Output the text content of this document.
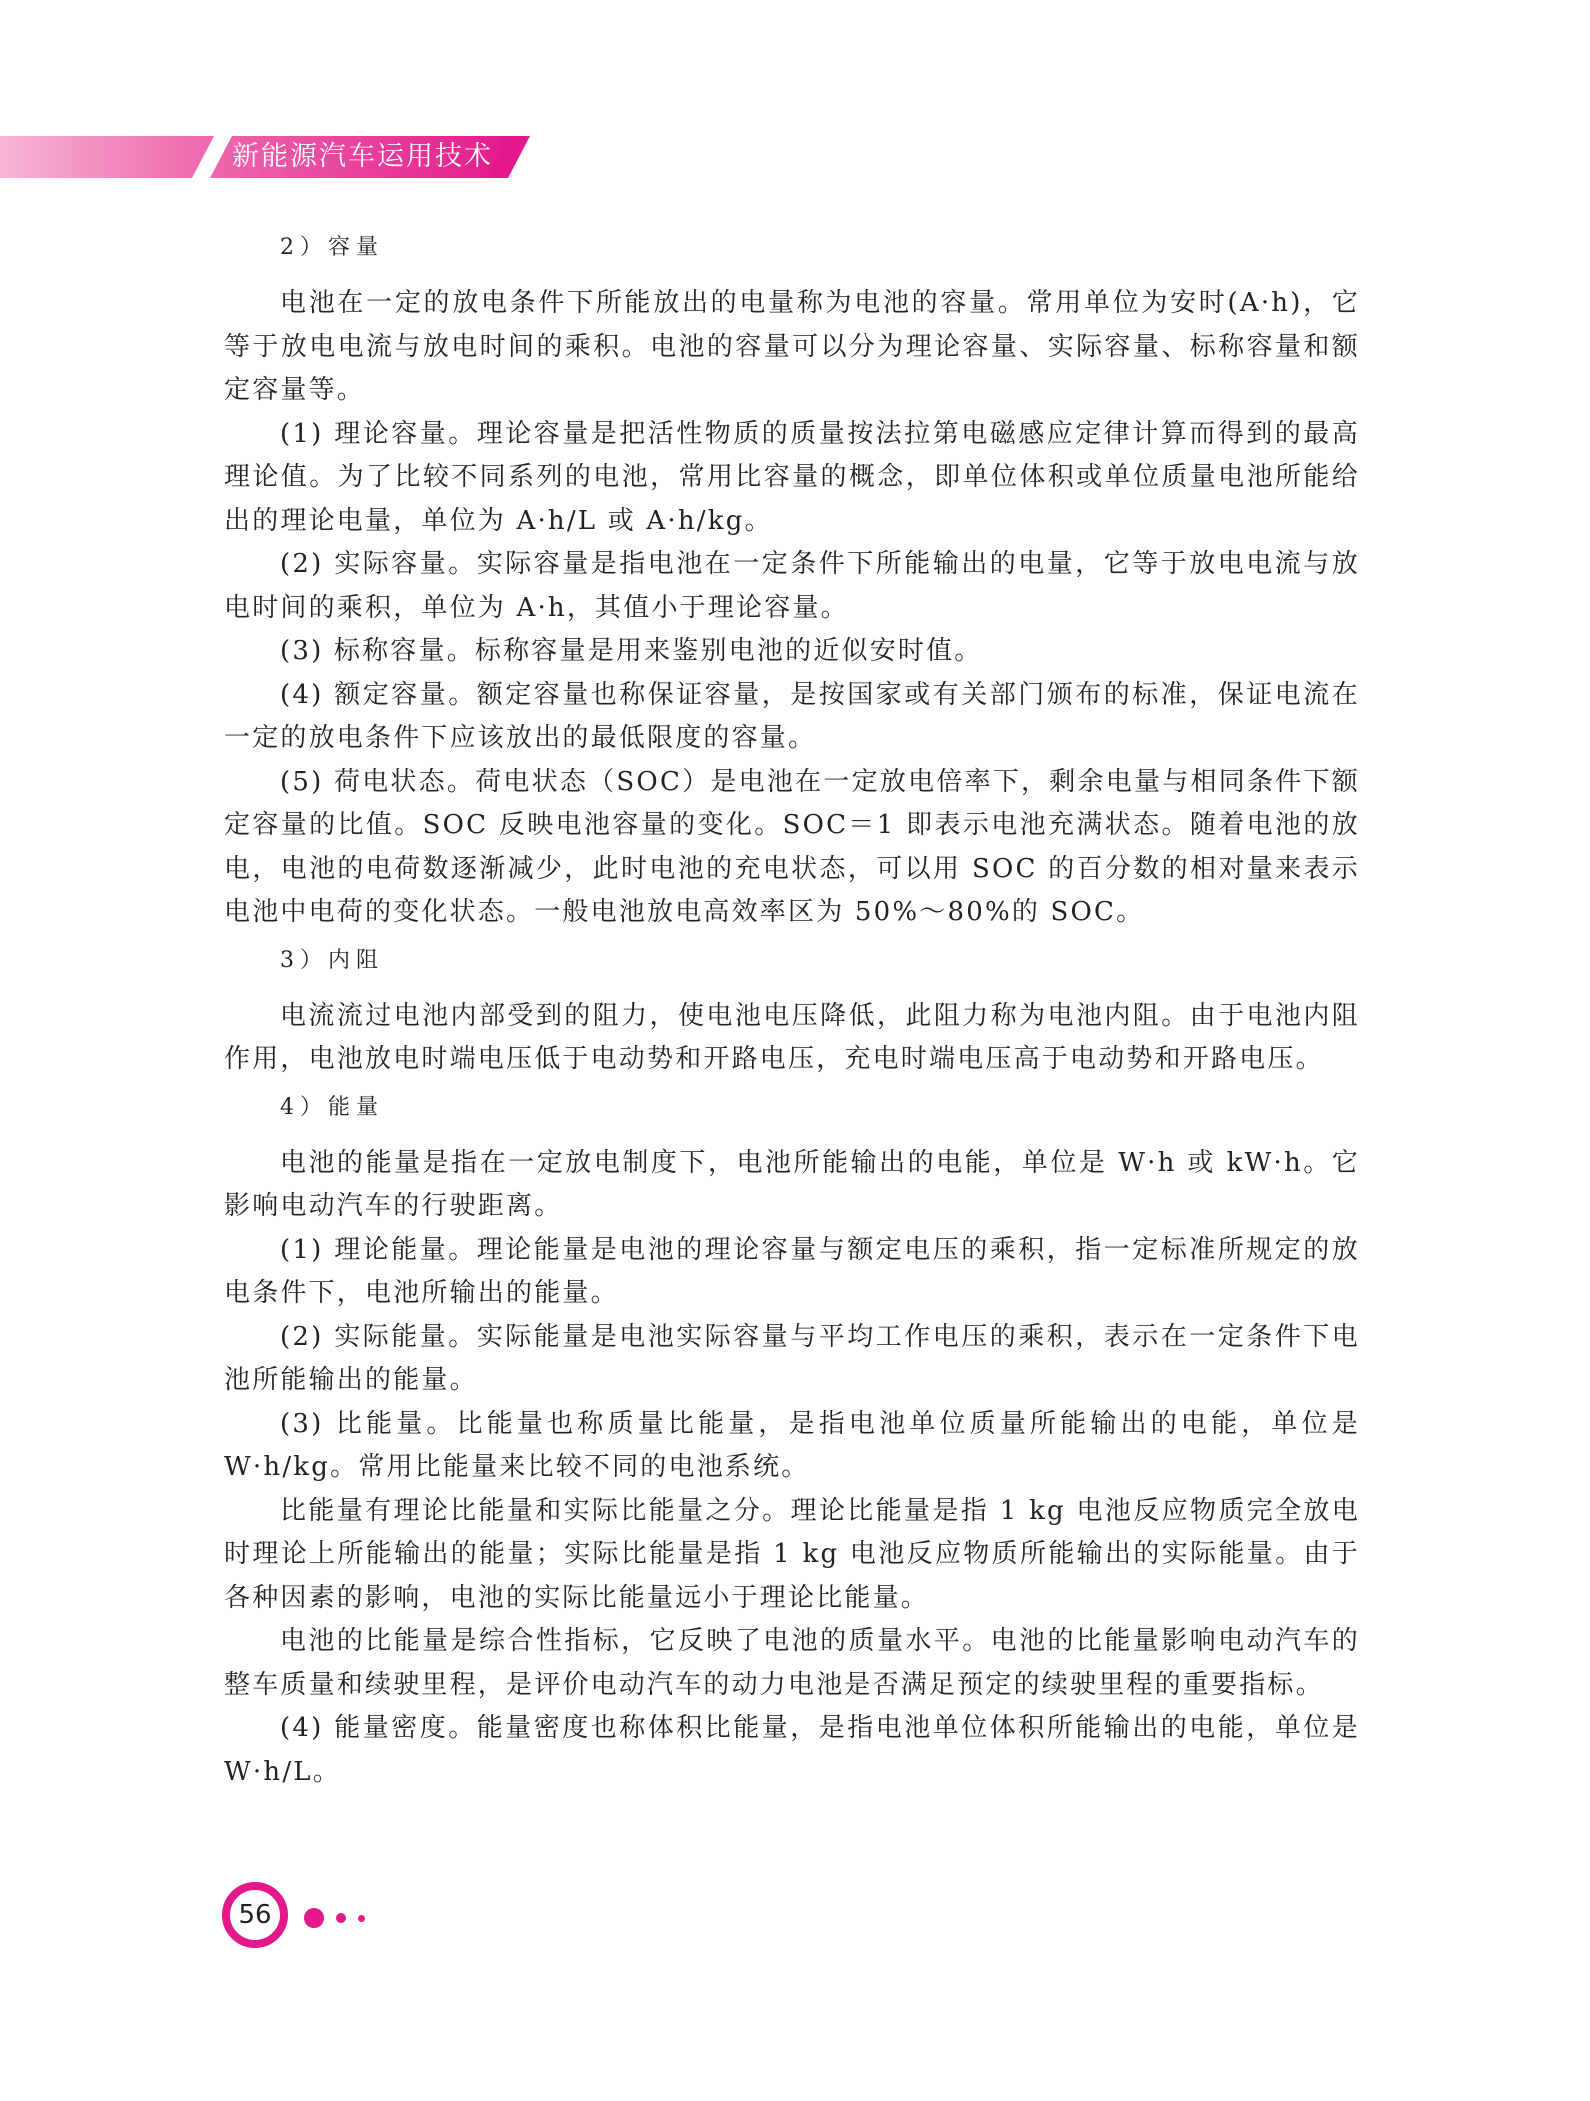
新能源汽车运用技术
2）容量

电池在一定的放电条件下所能放出的电量称为电池的容量。常用单位为安时(A·h)，它等于放电电流与放电时间的乘积。电池的容量可以分为理论容量、实际容量、标称容量和额定容量等。

(1) 理论容量。理论容量是把活性物质的质量按法拉第电磁感应定律计算而得到的最高理论值。为了比较不同系列的电池，常用比容量的概念，即单位体积或单位质量电池所能给出的理论电量，单位为 A·h/L 或 A·h/kg。

(2) 实际容量。实际容量是指电池在一定条件下所能输出的电量，它等于放电电流与放电时间的乘积，单位为 A·h，其值小于理论容量。

(3) 标称容量。标称容量是用来鉴别电池的近似安时值。

(4) 额定容量。额定容量也称保证容量，是按国家或有关部门颁布的标准，保证电流在一定的放电条件下应该放出的最低限度的容量。

(5) 荷电状态。荷电状态（SOC）是电池在一定放电倍率下，剩余电量与相同条件下额定容量的比值。SOC 反映电池容量的变化。SOC＝1 即表示电池充满状态。随着电池的放电，电池的电荷数逐渐减少，此时电池的充电状态，可以用 SOC 的百分数的相对量来表示电池中电荷的变化状态。一般电池放电高效率区为 50%～80%的 SOC。

3）内阻

电流流过电池内部受到的阻力，使电池电压降低，此阻力称为电池内阻。由于电池内阻作用，电池放电时端电压低于电动势和开路电压，充电时端电压高于电动势和开路电压。

4）能量

电池的能量是指在一定放电制度下，电池所能输出的电能，单位是 W·h 或 kW·h。它影响电动汽车的行驶距离。

(1) 理论能量。理论能量是电池的理论容量与额定电压的乘积，指一定标准所规定的放电条件下，电池所输出的能量。

(2) 实际能量。实际能量是电池实际容量与平均工作电压的乘积，表示在一定条件下电池所能输出的能量。

(3) 比能量。比能量也称质量比能量，是指电池单位质量所能输出的电能，单位是 W·h/kg。常用比能量来比较不同的电池系统。

比能量有理论比能量和实际比能量之分。理论比能量是指 1 kg 电池反应物质完全放电时理论上所能输出的能量；实际比能量是指 1 kg 电池反应物质所能输出的实际能量。由于各种因素的影响，电池的实际比能量远小于理论比能量。

电池的比能量是综合性指标，它反映了电池的质量水平。电池的比能量影响电动汽车的整车质量和续驶里程，是评价电动汽车的动力电池是否满足预定的续驶里程的重要指标。

(4) 能量密度。能量密度也称体积比能量，是指电池单位体积所能输出的电能，单位是 W·h/L。

56
